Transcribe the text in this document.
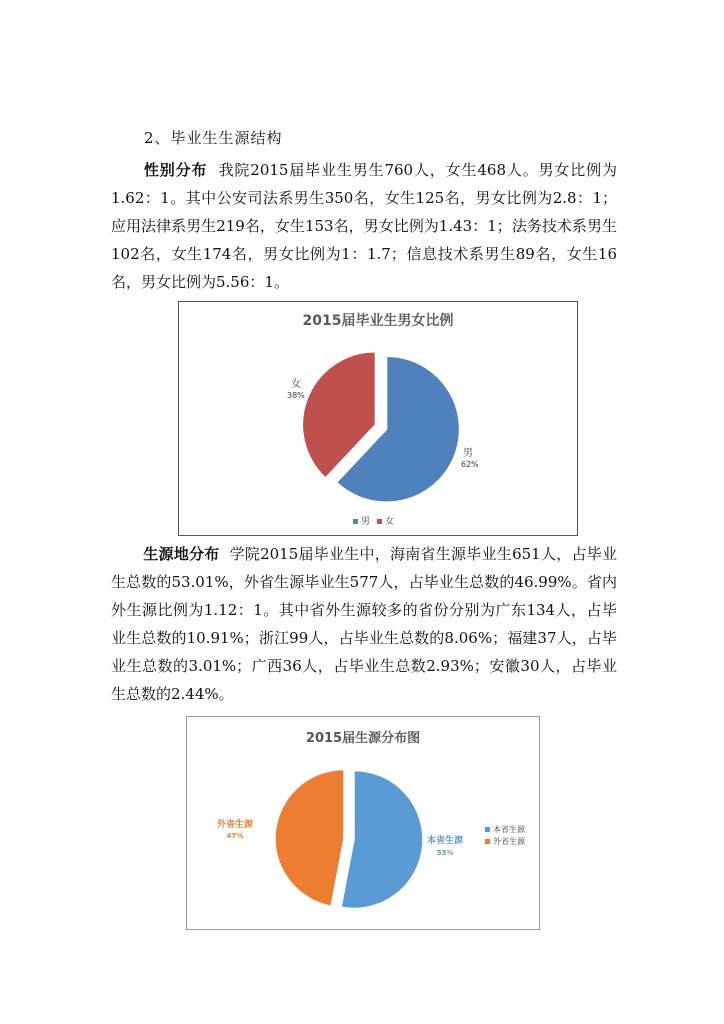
2、毕业生生源结构

性别分布 我院2015届毕业生男生760人，女生468人。男女比例为1.62：1。其中公安司法系男生350名，女生125名，男女比例为2.8：1；应用法律系男生219名，女生153名，男女比例为1.43：1；法务技术系男生102名，女生174名，男女比例为1：1.7；信息技术系男生89名，女生16名，男女比例为5.56：1。

2015届毕业生男女比例
女
38%
男
62%
男 女

生源地分布 学院2015届毕业生中，海南省生源毕业生651人，占毕业生总数的53.01%，外省生源毕业生577人，占毕业生总数的46.99%。省内外生源比例为1.12：1。其中省外生源较多的省份分别为广东134人，占毕业生总数的10.91%；浙江99人，占毕业生总数的8.06%；福建37人，占毕业生总数的3.01%；广西36人，占毕业生总数2.93%；安徽30人，占毕业生总数的2.44%。

2015届生源分布图
外省生源
47%	本省生源
53%
本省生源
外省生源
